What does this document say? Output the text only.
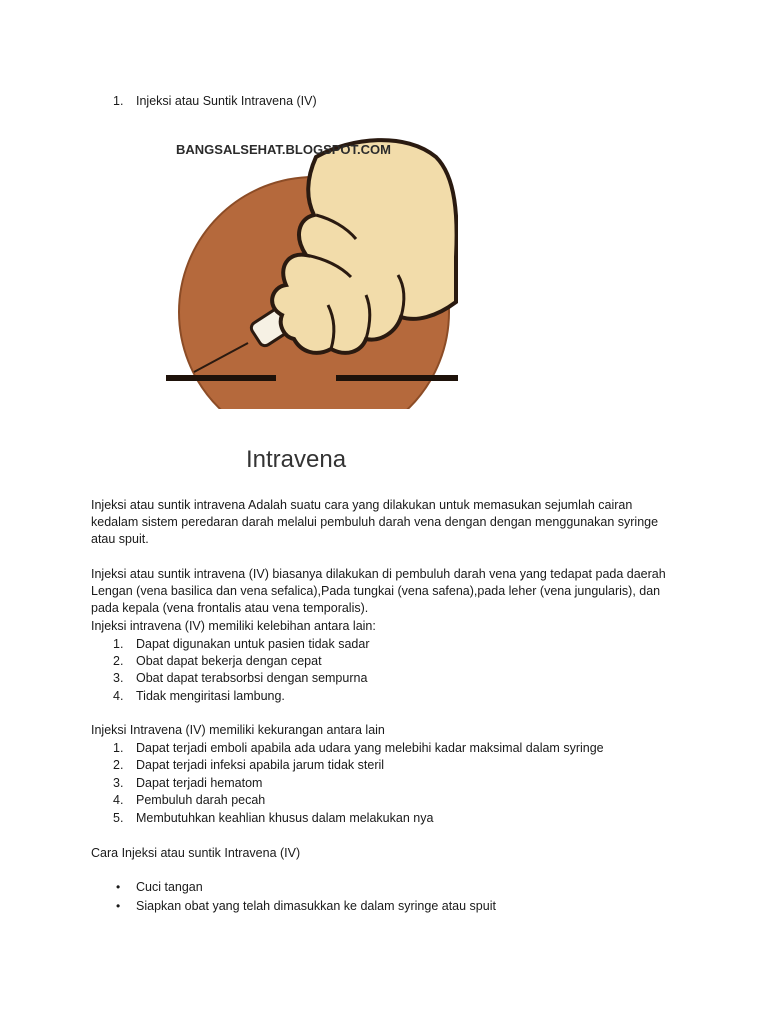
1. Injeksi atau Suntik Intravena (IV)
BANGSALSEHAT.BLOGSPOT.COM
Intravena
Injeksi atau suntik intravena Adalah suatu cara yang dilakukan untuk memasukan sejumlah cairan
kedalam sistem peredaran darah melalui pembuluh darah vena dengan dengan menggunakan syringe
atau spuit.
Injeksi atau suntik intravena (IV) biasanya dilakukan di pembuluh darah vena yang tedapat pada daerah
Lengan (vena basilica dan vena sefalica),Pada tungkai (vena safena),pada leher (vena jungularis), dan
pada kepala (vena frontalis atau vena temporalis).
Injeksi intravena (IV) memiliki kelebihan antara lain:
1. Dapat digunakan untuk pasien tidak sadar
2. Obat dapat bekerja dengan cepat
3. Obat dapat terabsorbsi dengan sempurna
4. Tidak mengiritasi lambung.
Injeksi Intravena (IV) memiliki kekurangan antara lain
1. Dapat terjadi emboli apabila ada udara yang melebihi kadar maksimal dalam syringe
2. Dapat terjadi infeksi apabila jarum tidak steril
3. Dapat terjadi hematom
4. Pembuluh darah pecah
5. Membutuhkan keahlian khusus dalam melakukan nya
Cara Injeksi atau suntik Intravena (IV)
• Cuci tangan
• Siapkan obat yang telah dimasukkan ke dalam syringe atau spuit
